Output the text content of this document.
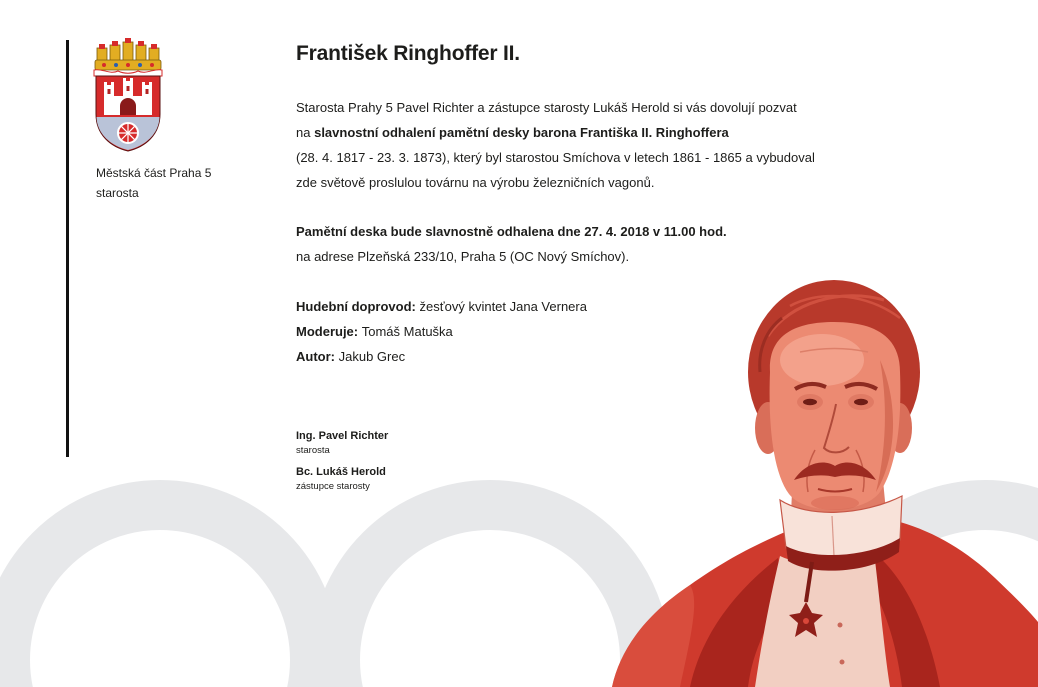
Městská část Praha 5
starosta
František Ringhoffer II.
Starosta Prahy 5 Pavel Richter a zástupce starosty Lukáš Herold si vás dovolují pozvat
na slavnostní odhalení pamětní desky barona Františka II. Ringhoffera
(28. 4. 1817 - 23. 3. 1873), který byl starostou Smíchova v letech 1861 - 1865 a vybudoval
zde světově proslulou továrnu na výrobu železničních vagonů.
Pamětní deska bude slavnostně odhalena dne 27. 4. 2018 v 11.00 hod.
na adrese Plzeňská 233/10, Praha 5 (OC Nový Smíchov).
Hudební doprovod: žesťový kvintet Jana Vernera
Moderuje: Tomáš Matuška
Autor: Jakub Grec
Ing. Pavel Richter
starosta
Bc. Lukáš Herold
zástupce starosty
